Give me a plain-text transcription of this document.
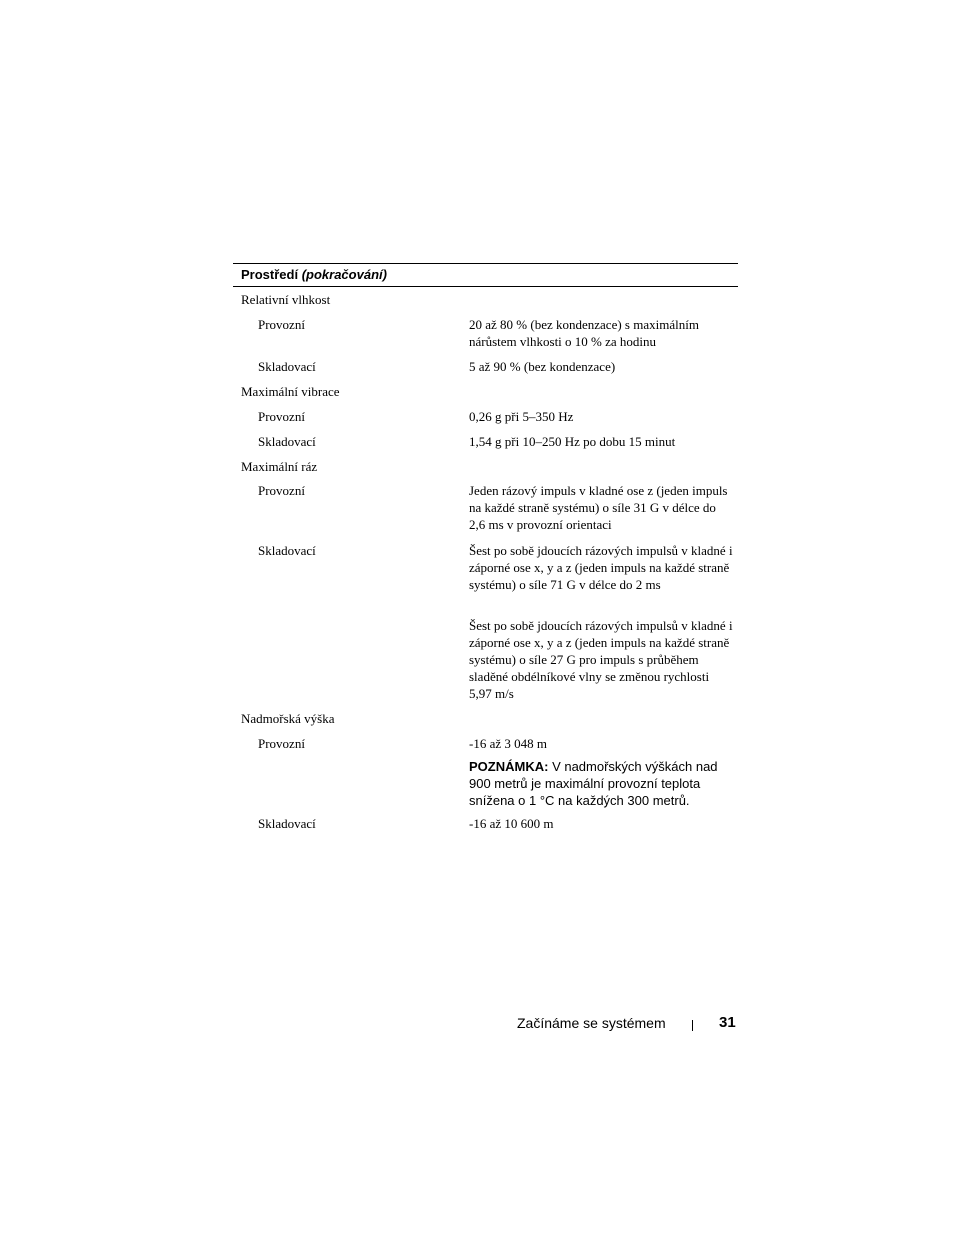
Prostředí (pokračování)
Relativní vlhkost
Provozní	20 až 80 % (bez kondenzace) s maximálním nárůstem vlhkosti o 10 % za hodinu
Skladovací	5 až 90 % (bez kondenzace)
Maximální vibrace
Provozní	0,26 g při 5–350 Hz
Skladovací	1,54 g při 10–250 Hz po dobu 15 minut
Maximální ráz
Provozní	Jeden rázový impuls v kladné ose z (jeden impuls na každé straně systému) o síle 31 G v délce do 2,6 ms v provozní orientaci
Skladovací	Šest po sobě jdoucích rázových impulsů v kladné i záporné ose x, y a z (jeden impuls na každé straně systému) o síle 71 G v délce do 2 ms
Šest po sobě jdoucích rázových impulsů v kladné i záporné ose x, y a z (jeden impuls na každé straně systému) o síle 27 G pro impuls s průběhem sladěné obdélníkové vlny se změnou rychlosti 5,97 m/s
Nadmořská výška
Provozní	-16 až 3 048 m
POZNÁMKA: V nadmořských výškách nad 900 metrů je maximální provozní teplota snížena o 1 °C na každých 300 metrů.
Skladovací	-16 až 10 600 m
Začínáme se systémem	31
